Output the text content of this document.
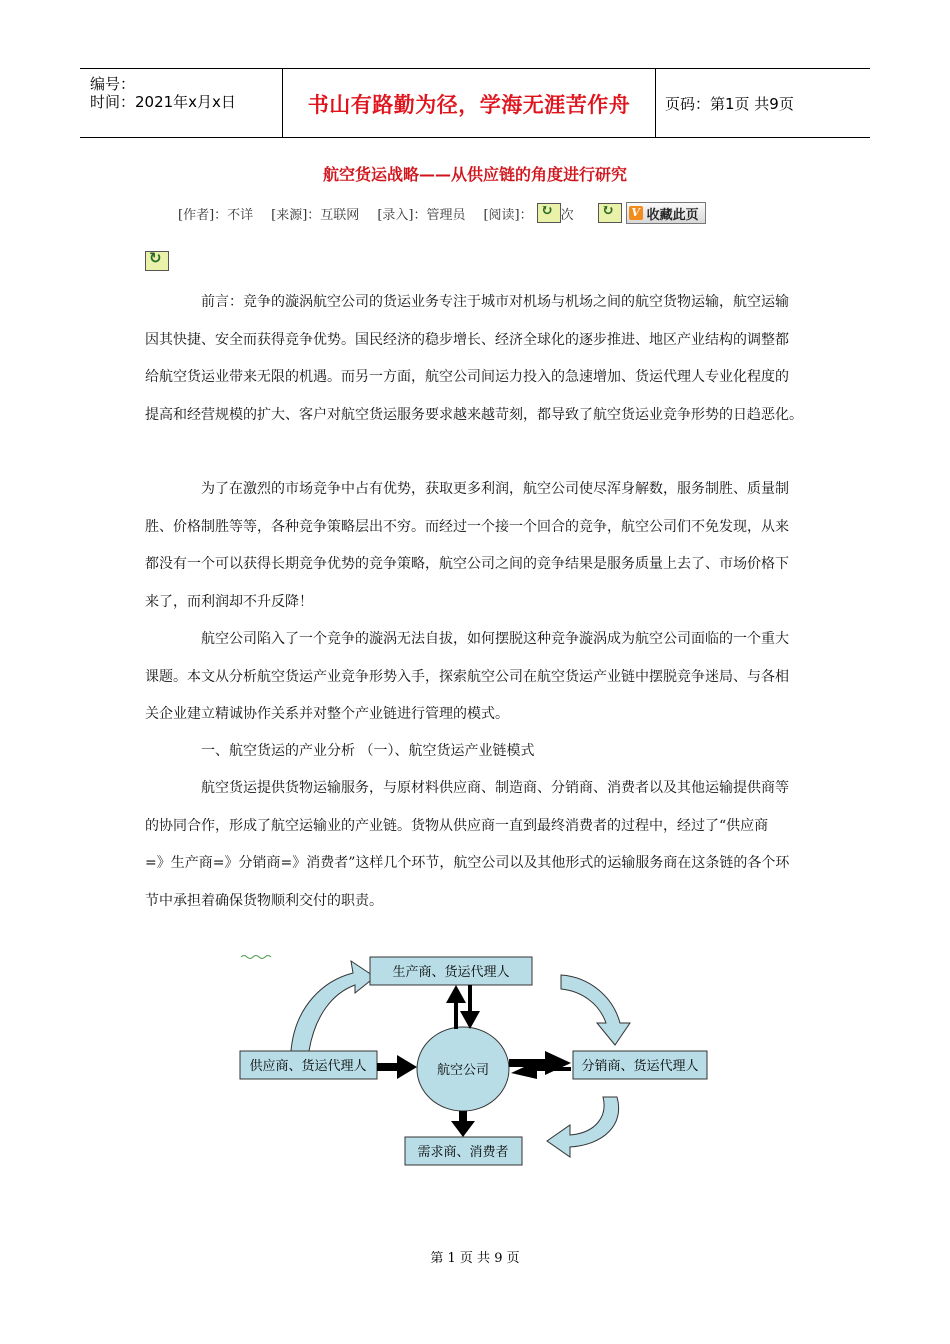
编号：
时间：2021年x月x日	书山有路勤为径，学海无涯苦作舟	页码：第1页 共9页
航空货运战略——从供应链的角度进行研究
[作者]：不详 [来源]：互联网 [录入]：管理员 [阅读]： ↻ 次 ↻	V 收藏此页
↻
前言：竞争的漩涡航空公司的货运业务专注于城市对机场与机场之间的航空货物运输，航空运输
因其快捷、安全而获得竞争优势。国民经济的稳步增长、经济全球化的逐步推进、地区产业结构的调整都
给航空货运业带来无限的机遇。而另一方面，航空公司间运力投入的急速增加、货运代理人专业化程度的
提高和经营规模的扩大、客户对航空货运服务要求越来越苛刻，都导致了航空货运业竞争形势的日趋恶化。
为了在激烈的市场竞争中占有优势，获取更多利润，航空公司使尽浑身解数，服务制胜、质量制
胜、价格制胜等等，各种竞争策略层出不穷。而经过一个接一个回合的竞争，航空公司们不免发现，从来
都没有一个可以获得长期竞争优势的竞争策略，航空公司之间的竞争结果是服务质量上去了、市场价格下
来了，而利润却不升反降！
航空公司陷入了一个竞争的漩涡无法自拔，如何摆脱这种竞争漩涡成为航空公司面临的一个重大
课题。本文从分析航空货运产业竞争形势入手，探索航空公司在航空货运产业链中摆脱竞争迷局、与各相
关企业建立精诚协作关系并对整个产业链进行管理的模式。
一、航空货运的产业分析 （一）、航空货运产业链模式
航空货运提供货物运输服务，与原材料供应商、制造商、分销商、消费者以及其他运输提供商等
的协同合作，形成了航空运输业的产业链。货物从供应商一直到最终消费者的过程中，经过了“供应商
=》生产商=》分销商=》消费者”这样几个环节，航空公司以及其他形式的运输服务商在这条链的各个环
节中承担着确保货物顺利交付的职责。
生产商、货运代理人
供应商、货运代理人	分销商、货运代理人
需求商、消费者
航空公司
第 1 页 共 9 页
